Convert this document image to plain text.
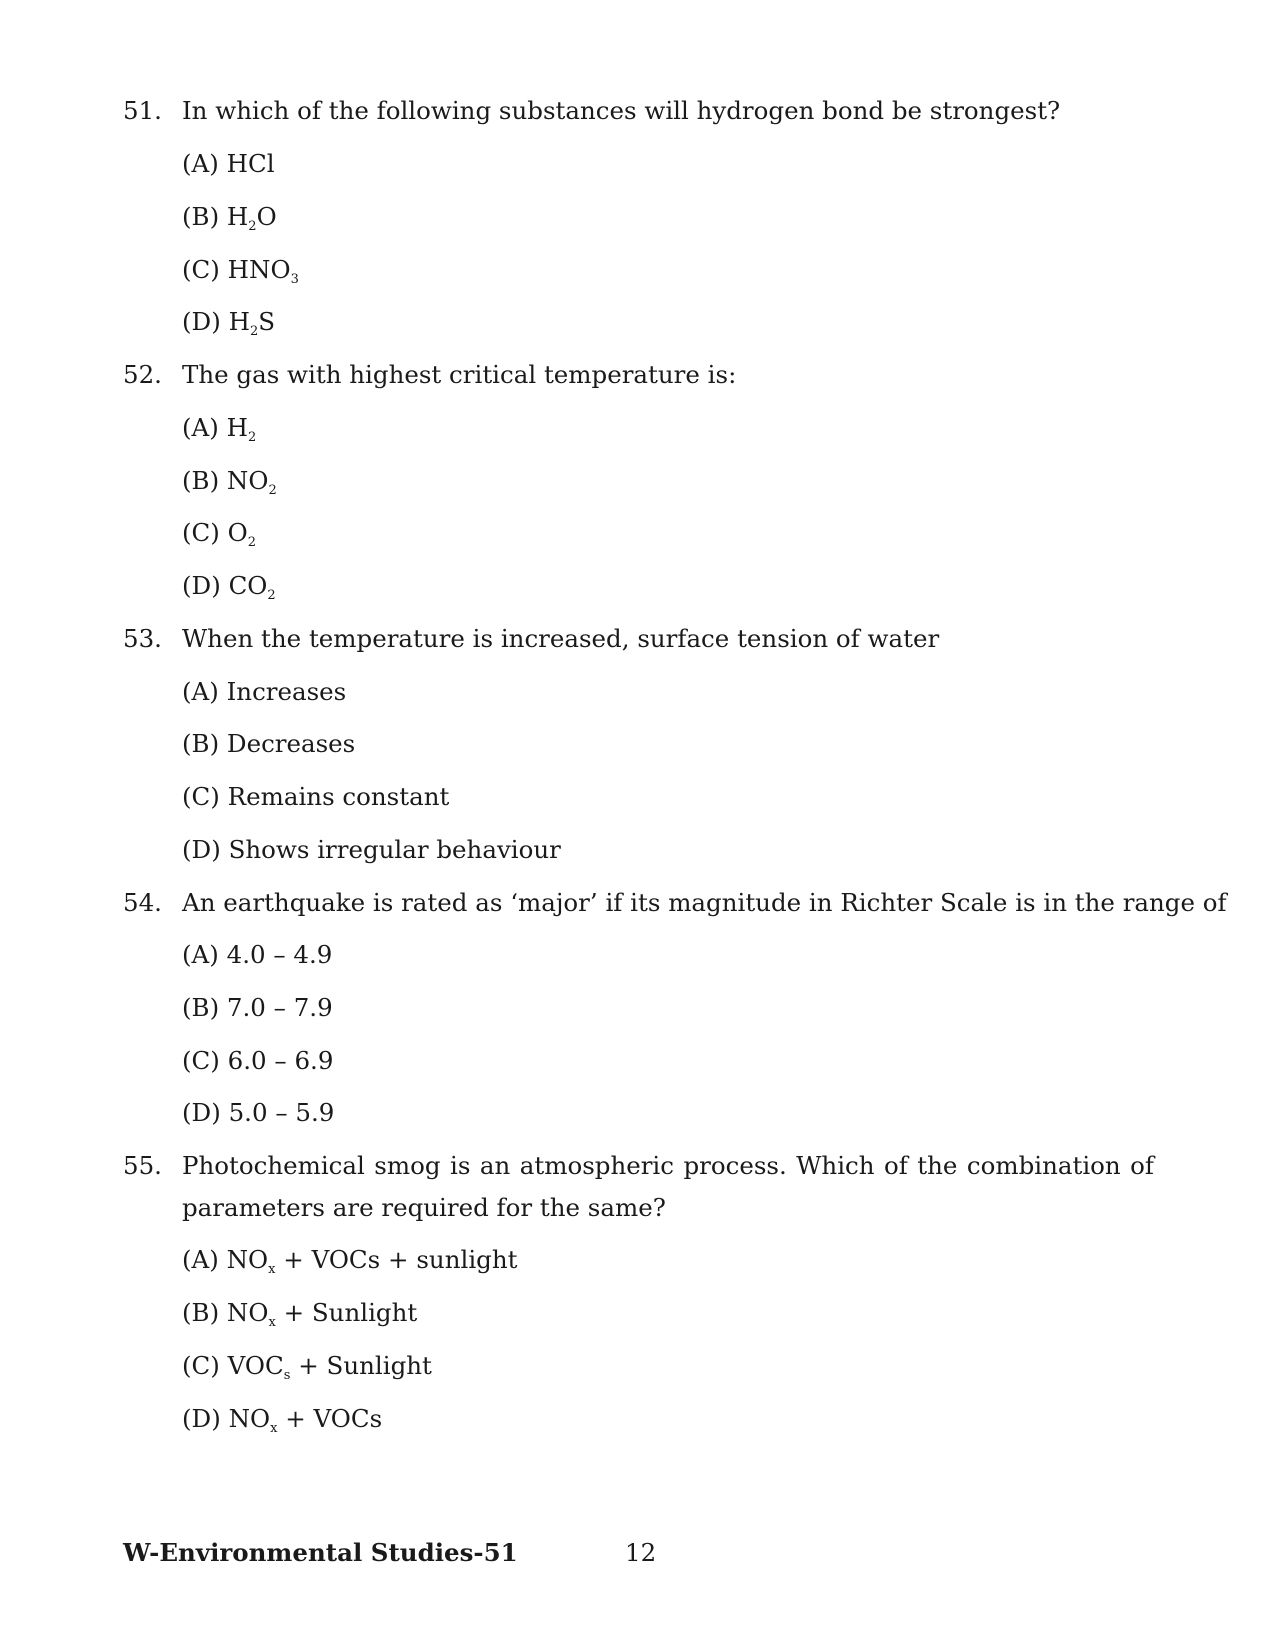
51. In which of the following substances will hydrogen bond be strongest?
(A) HCl
(B) $H_2O$
(C) $HNO_3$
(D) $H_2S$
52. The gas with highest critical temperature is:
(A) $H_2$
(B) $NO_2$
(C) $O_2$
(D) $CO_2$
53. When the temperature is increased, surface tension of water
(A) Increases
(B) Decreases
(C) Remains constant
(D) Shows irregular behaviour
54. An earthquake is rated as ‘major’ if its magnitude in Richter Scale is in the range of
(A) 4.0 – 4.9
(B) 7.0 – 7.9
(C) 6.0 – 6.9
(D) 5.0 – 5.9
55. Photochemical smog is an atmospheric process. Which of the combination of
parameters are required for the same?
(A) $NO_x$ + VOCs + sunlight
(B) $NO_x$ + Sunlight
(C) $VOC_s$ + Sunlight
(D) $NO_x$ + VOCs
W-Environmental Studies-51	12
